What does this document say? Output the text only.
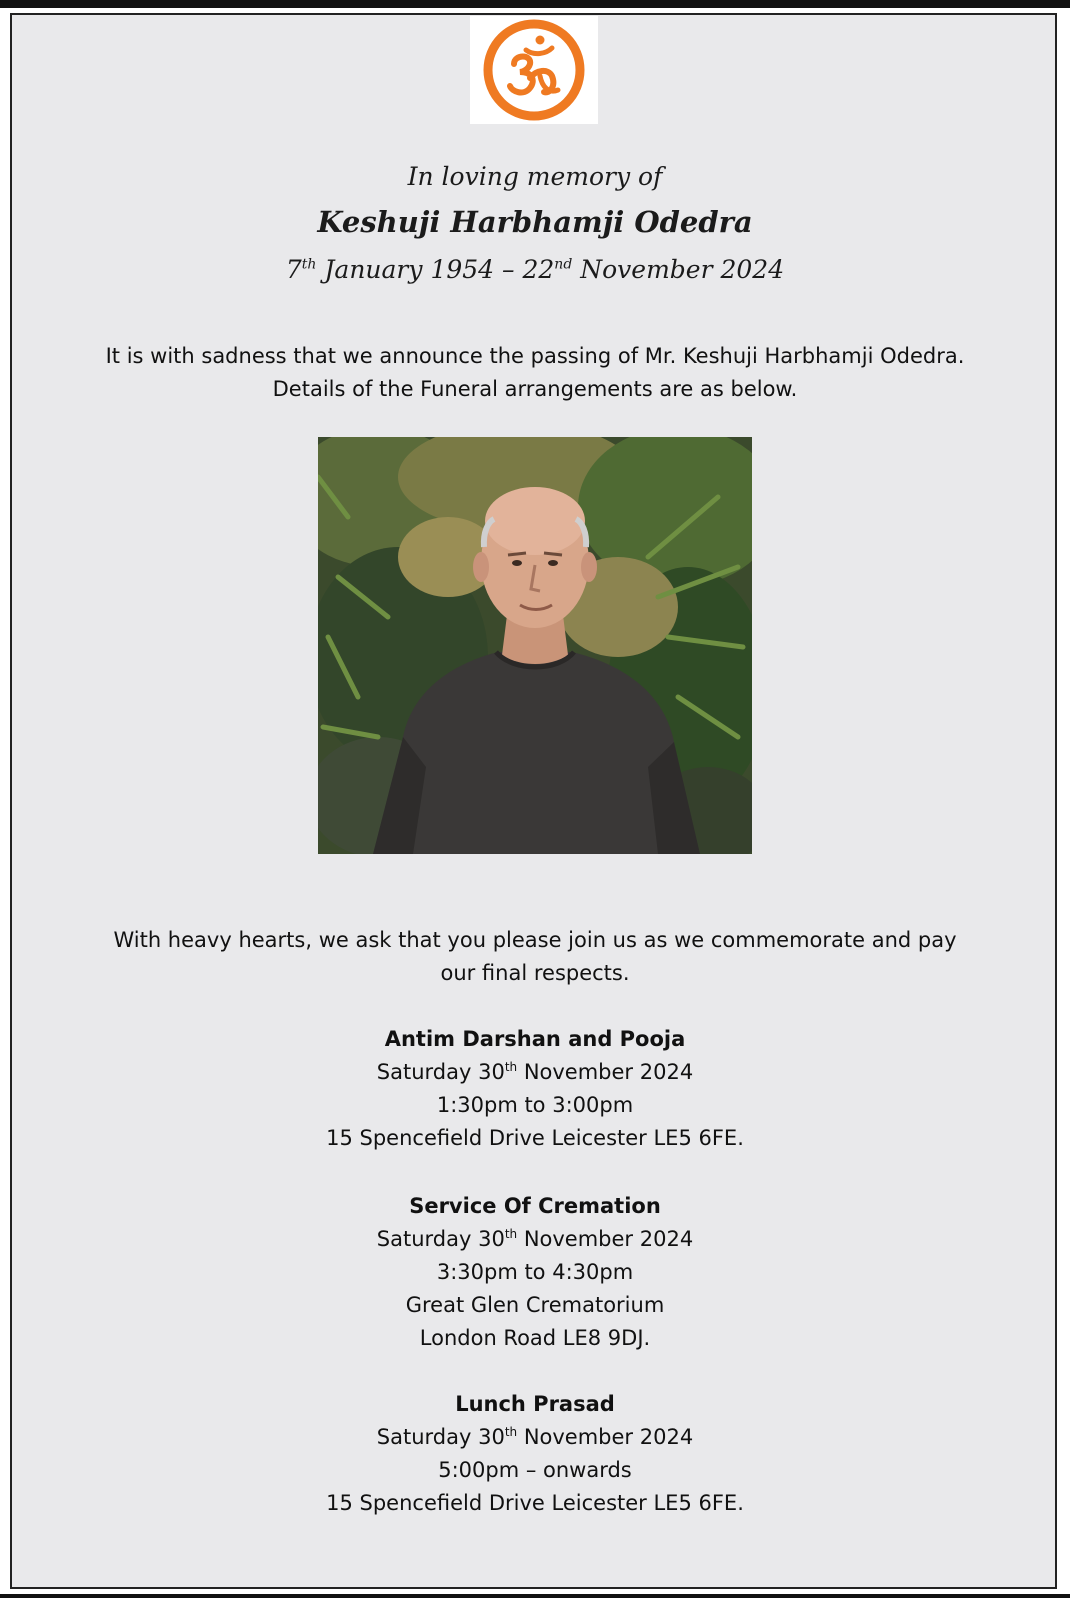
In loving memory of
Keshuji Harbhamji Odedra
7th January 1954 – 22nd November 2024
It is with sadness that we announce the passing of Mr. Keshuji Harbhamji Odedra.
Details of the Funeral arrangements are as below.
With heavy hearts, we ask that you please join us as we commemorate and pay
our final respects.
Antim Darshan and Pooja
Saturday 30th November 2024
1:30pm to 3:00pm
15 Spencefield Drive Leicester LE5 6FE.
Service Of Cremation
Saturday 30th November 2024
3:30pm to 4:30pm
Great Glen Crematorium
London Road LE8 9DJ.
Lunch Prasad
Saturday 30th November 2024
5:00pm – onwards
15 Spencefield Drive Leicester LE5 6FE.
